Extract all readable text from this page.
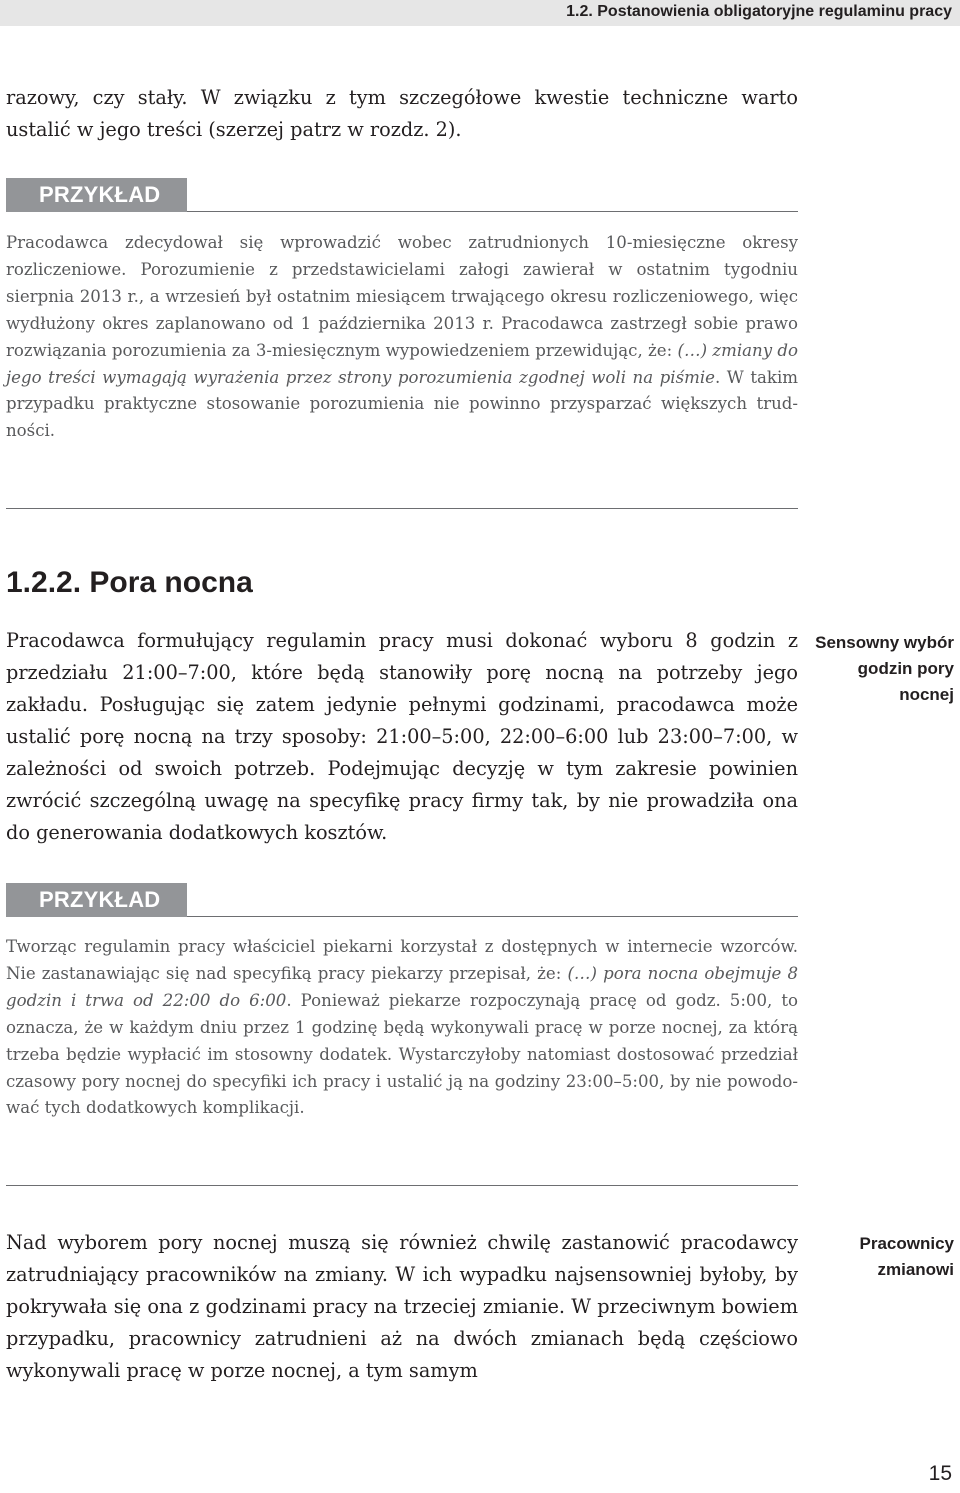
1.2. Postanowienia obligatoryjne regulaminu pracy

razowy, czy stały. W związku z tym szczegółowe kwestie techniczne warto ustalić w jego treści (szerzej patrz w rozdz. 2).

PRZYKŁAD

Pracodawca zdecydował się wprowadzić wobec zatrudnionych 10-miesięczne okresy rozliczeniowe. Porozumienie z przedstawicielami załogi zawierał w ostatnim tygodniu sierpnia 2013 r., a wrzesień był ostatnim miesiącem trwającego okresu rozliczeniowego, więc wydłużony okres zaplanowano od 1 października 2013 r. Pracodawca zastrzegł sobie prawo rozwiązania porozumienia za 3-miesięcznym wypowiedzeniem przewidując, że: (…) zmiany do jego treści wymagają wyrażenia przez strony porozumienia zgodnej woli na piśmie. W takim przypadku praktyczne stosowanie porozumienia nie powinno przysparzać większych trudności.

1.2.2. Pora nocna

Pracodawca formułujący regulamin pracy musi dokonać wyboru 8 godzin z przedziału 21:00–7:00, które będą stanowiły porę nocną na potrzeby jego zakładu. Posługując się zatem jedynie pełnymi godzinami, pracodawca może ustalić porę nocną na trzy sposoby: 21:00–5:00, 22:00–6:00 lub 23:00–7:00, w zależności od swoich potrzeb. Podejmując decyzję w tym zakresie powinien zwrócić szczególną uwagę na specyfikę pracy firmy tak, by nie prowadziła ona do generowania dodatkowych kosztów.

Sensowny wybór godzin pory nocnej

PRZYKŁAD

Tworząc regulamin pracy właściciel piekarni korzystał z dostępnych w internecie wzorców. Nie zastanawiając się nad specyfiką pracy piekarzy przepisał, że: (…) pora nocna obejmuje 8 godzin i trwa od 22:00 do 6:00. Ponieważ piekarze rozpoczynają pracę od godz. 5:00, to oznacza, że w każdym dniu przez 1 godzinę będą wykonywali pracę w porze nocnej, za którą trzeba będzie wypłacić im stosowny dodatek. Wystarczyłoby natomiast dostosować przedział czasowy pory nocnej do specyfiki ich pracy i ustalić ją na godziny 23:00–5:00, by nie powodować tych dodatkowych komplikacji.

Nad wyborem pory nocnej muszą się również chwilę zastanowić pracodawcy zatrudniający pracowników na zmiany. W ich wypadku najsensowniej byłoby, by pokrywała się ona z godzinami pracy na trzeciej zmianie. W przeciwnym bowiem przypadku, pracownicy zatrudnieni aż na dwóch zmianach będą częściowo wykonywali pracę w porze nocnej, a tym samym

Pracownicy zmianowi

15
